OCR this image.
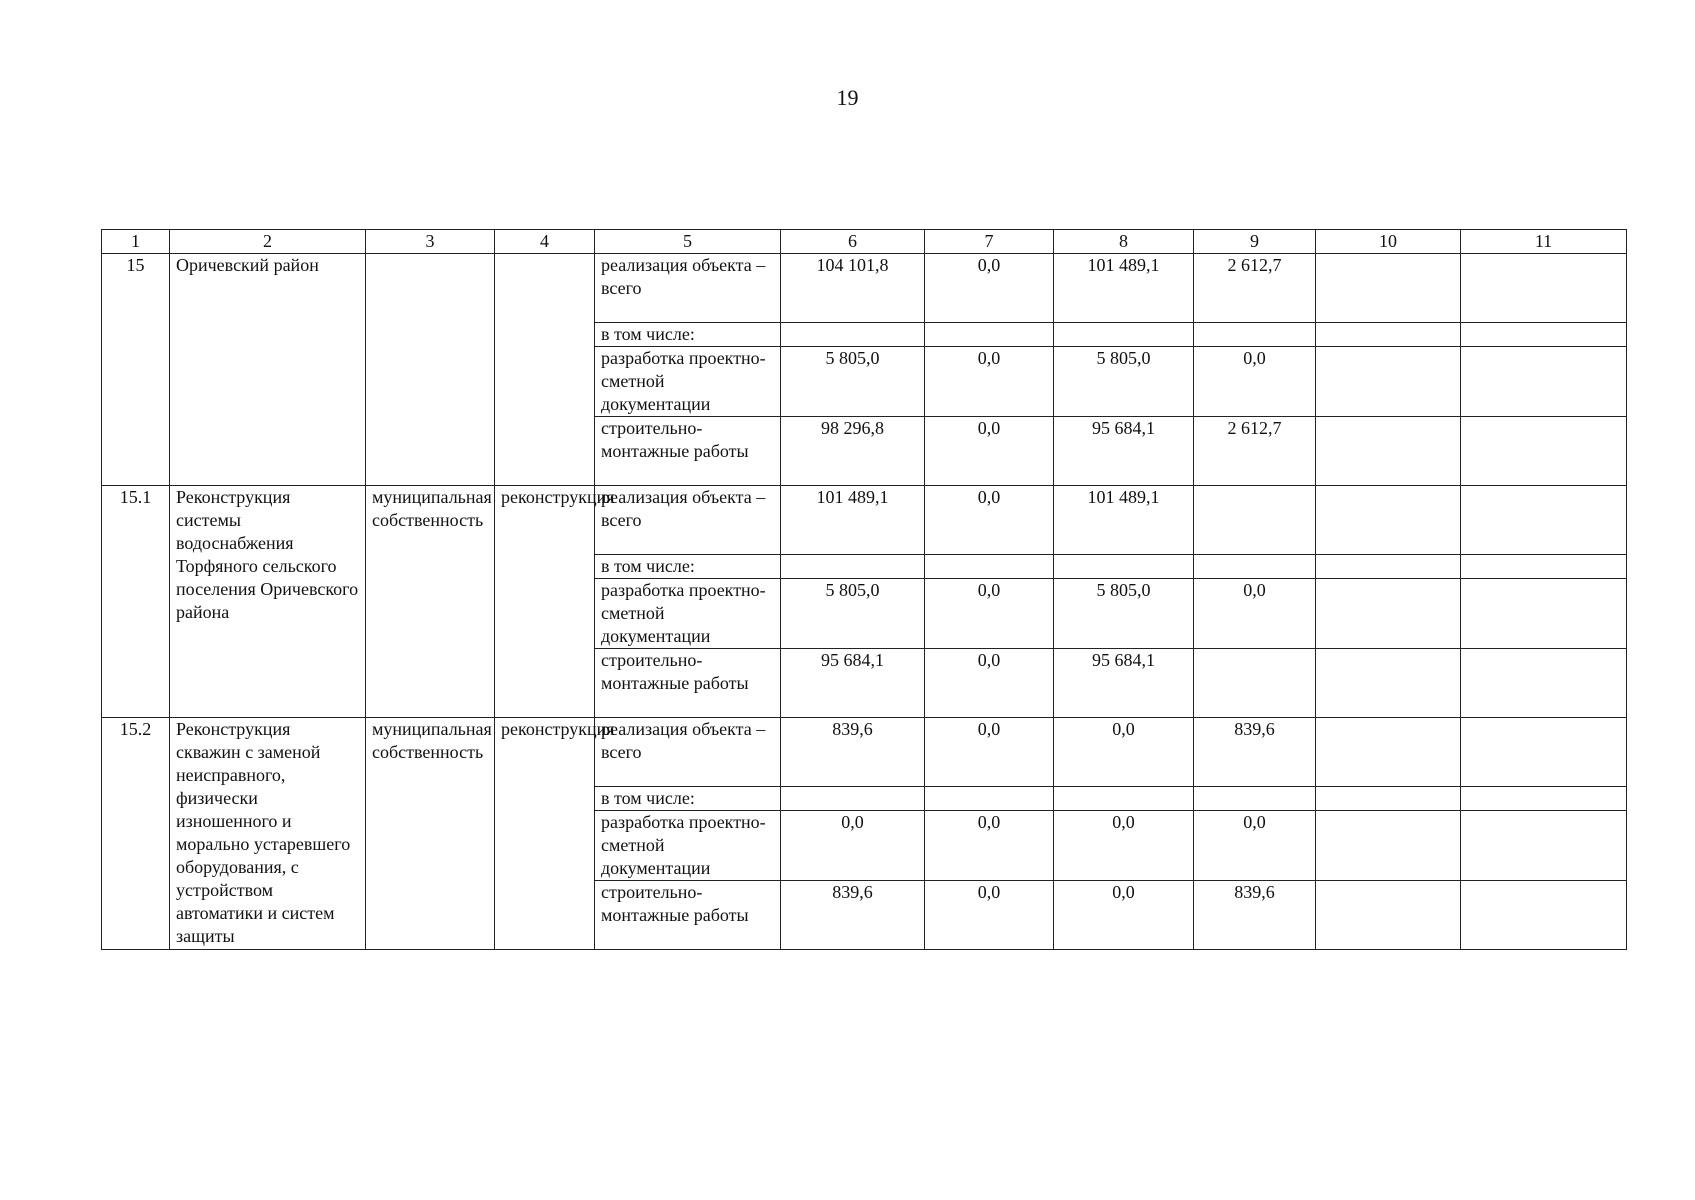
19
1	2	3	4	5	6	7	8	9	10	11
15	Оричевский район			реализация объекта – всего	104 101,8	0,0	101 489,1	2 612,7		
				в том числе:						
				разработка проектно-сметной документации	5 805,0	0,0	5 805,0	0,0		
				строительно-монтажные работы	98 296,8	0,0	95 684,1	2 612,7		
15.1	Реконструкция системы водоснабжения Торфяного сельского поселения Оричевского района	муниципальная собственность	реконструкция	реализация объекта – всего	101 489,1	0,0	101 489,1			
				в том числе:						
				разработка проектно-сметной документации	5 805,0	0,0	5 805,0	0,0		
				строительно-монтажные работы	95 684,1	0,0	95 684,1			
15.2	Реконструкция скважин с заменой неисправного, физически изношенного и морально устаревшего оборудования, с устройством автоматики и систем защиты	муниципальная собственность	реконструкция	реализация объекта – всего	839,6	0,0	0,0	839,6		
				в том числе:						
				разработка проектно-сметной документации	0,0	0,0	0,0	0,0		
				строительно-монтажные работы	839,6	0,0	0,0	839,6		
